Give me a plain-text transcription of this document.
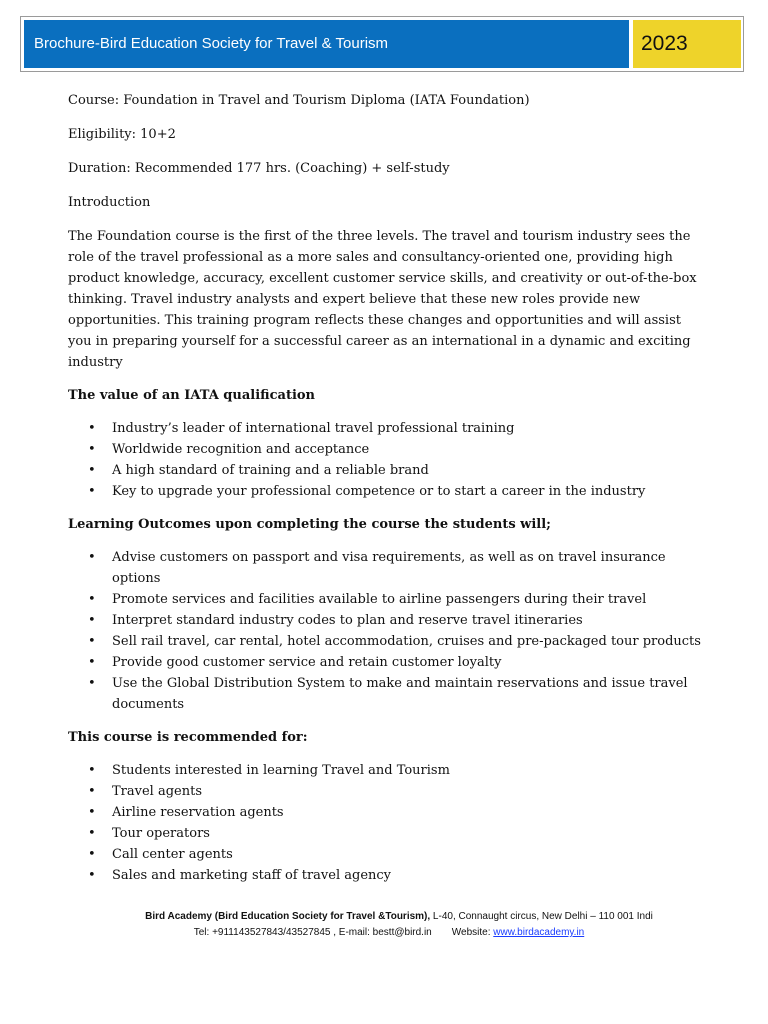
Brochure-Bird Education Society for Travel & Tourism	2023

Course: Foundation in Travel and Tourism Diploma (IATA Foundation)

Eligibility: 10+2

Duration: Recommended 177 hrs. (Coaching) + self-study

Introduction

The Foundation course is the first of the three levels. The travel and tourism industry sees the role of the travel professional as a more sales and consultancy-oriented one, providing high product knowledge, accuracy, excellent customer service skills, and creativity or out-of-the-box thinking. Travel industry analysts and expert believe that these new roles provide new opportunities. This training program reflects these changes and opportunities and will assist you in preparing yourself for a successful career as an international in a dynamic and exciting industry

The value of an IATA qualification

• Industry’s leader of international travel professional training
• Worldwide recognition and acceptance
• A high standard of training and a reliable brand
• Key to upgrade your professional competence or to start a career in the industry

Learning Outcomes upon completing the course the students will;

• Advise customers on passport and visa requirements, as well as on travel insurance options
• Promote services and facilities available to airline passengers during their travel
• Interpret standard industry codes to plan and reserve travel itineraries
• Sell rail travel, car rental, hotel accommodation, cruises and pre-packaged tour products
• Provide good customer service and retain customer loyalty
• Use the Global Distribution System to make and maintain reservations and issue travel documents

This course is recommended for:

• Students interested in learning Travel and Tourism
• Travel agents
• Airline reservation agents
• Tour operators
• Call center agents
• Sales and marketing staff of travel agency
Bird Academy (Bird Education Society for Travel &Tourism), L-40, Connaught circus, New Delhi – 110 001 Indi
Tel: +911143527843/43527845 , E-mail: bestt@bird.in Website: www.birdacademy.in
